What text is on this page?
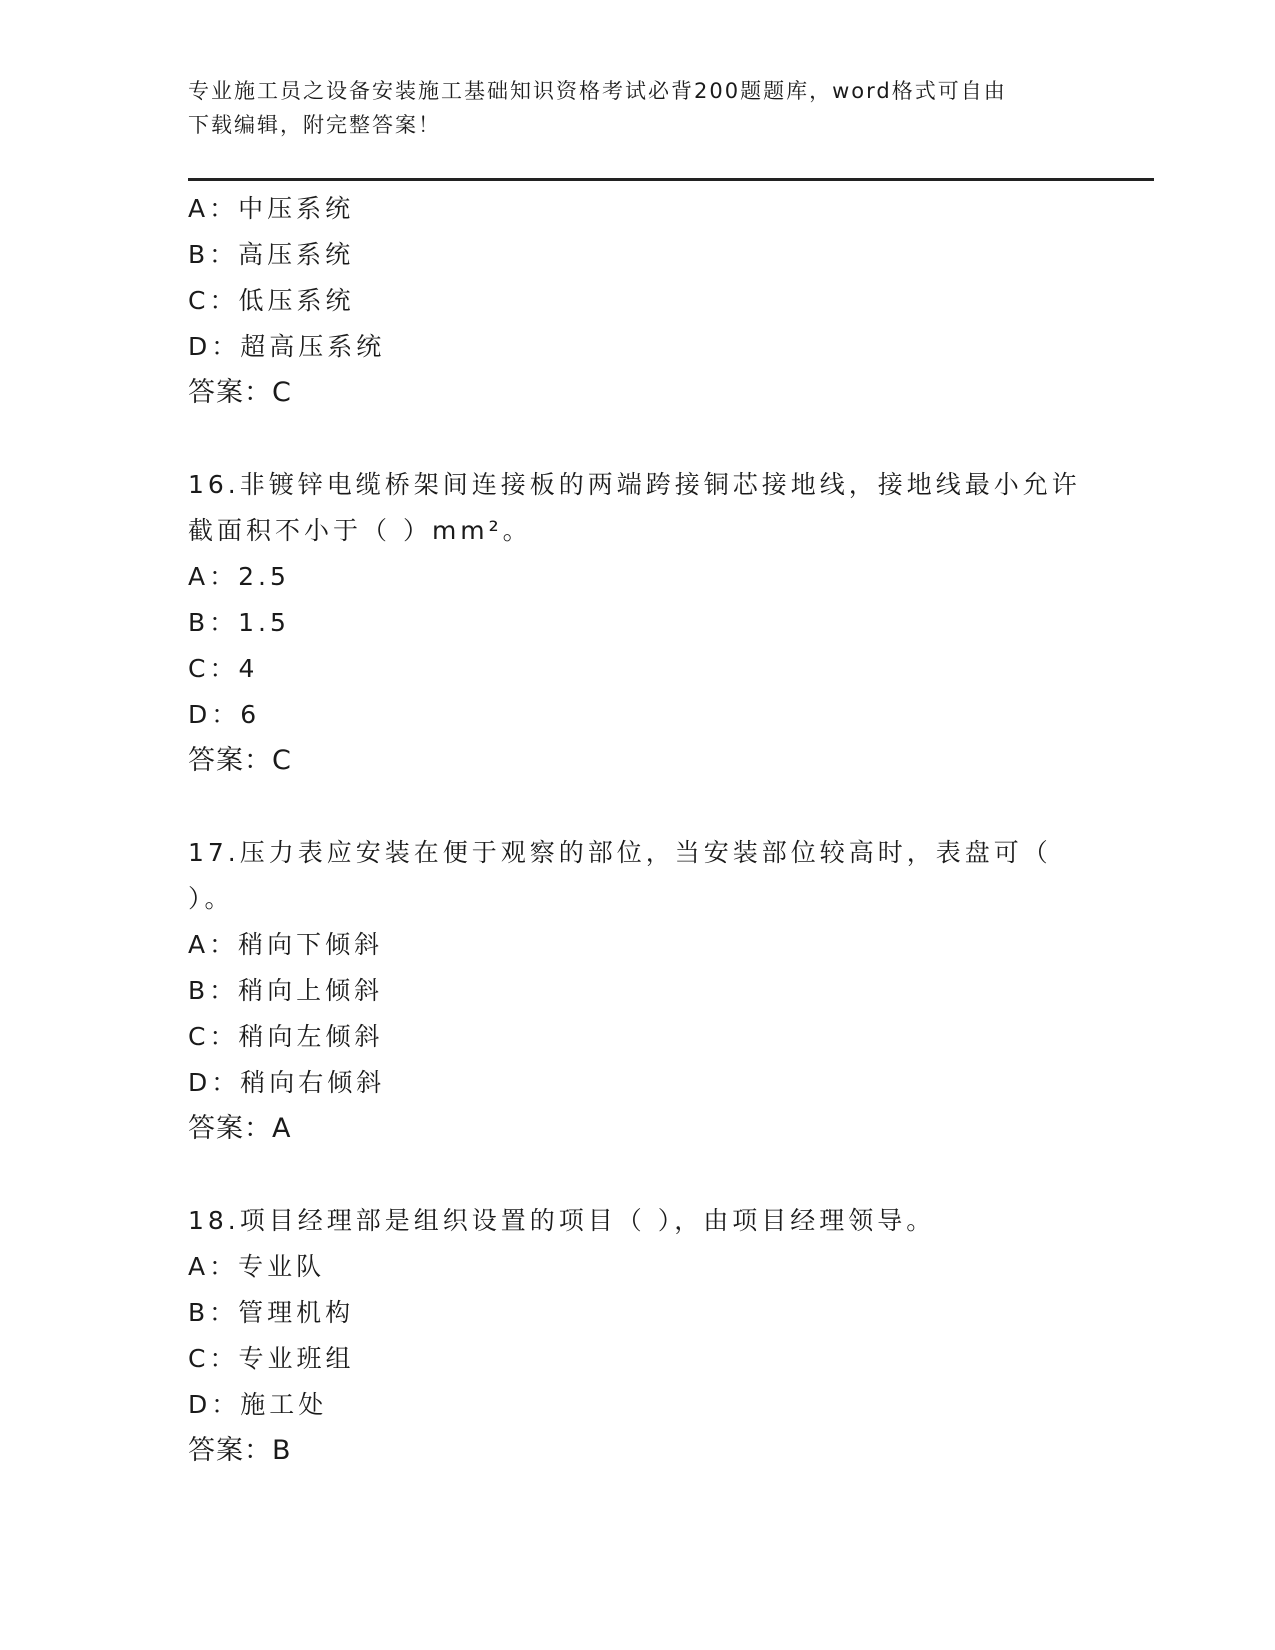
专业施工员之设备安装施工基础知识资格考试必背200题题库，word格式可自由
下载编辑，附完整答案！
A：中压系统
B：高压系统
C：低压系统
D：超高压系统
答案：C
16.非镀锌电缆桥架间连接板的两端跨接铜芯接地线，接地线最小允许
截面积不小于（ ）mm²。
A：2.5
B：1.5
C：4
D：6
答案：C
17.压力表应安装在便于观察的部位，当安装部位较高时，表盘可（
）。
A：稍向下倾斜
B：稍向上倾斜
C：稍向左倾斜
D：稍向右倾斜
答案：A
18.项目经理部是组织设置的项目（ ），由项目经理领导。
A：专业队
B：管理机构
C：专业班组
D：施工处
答案：B
